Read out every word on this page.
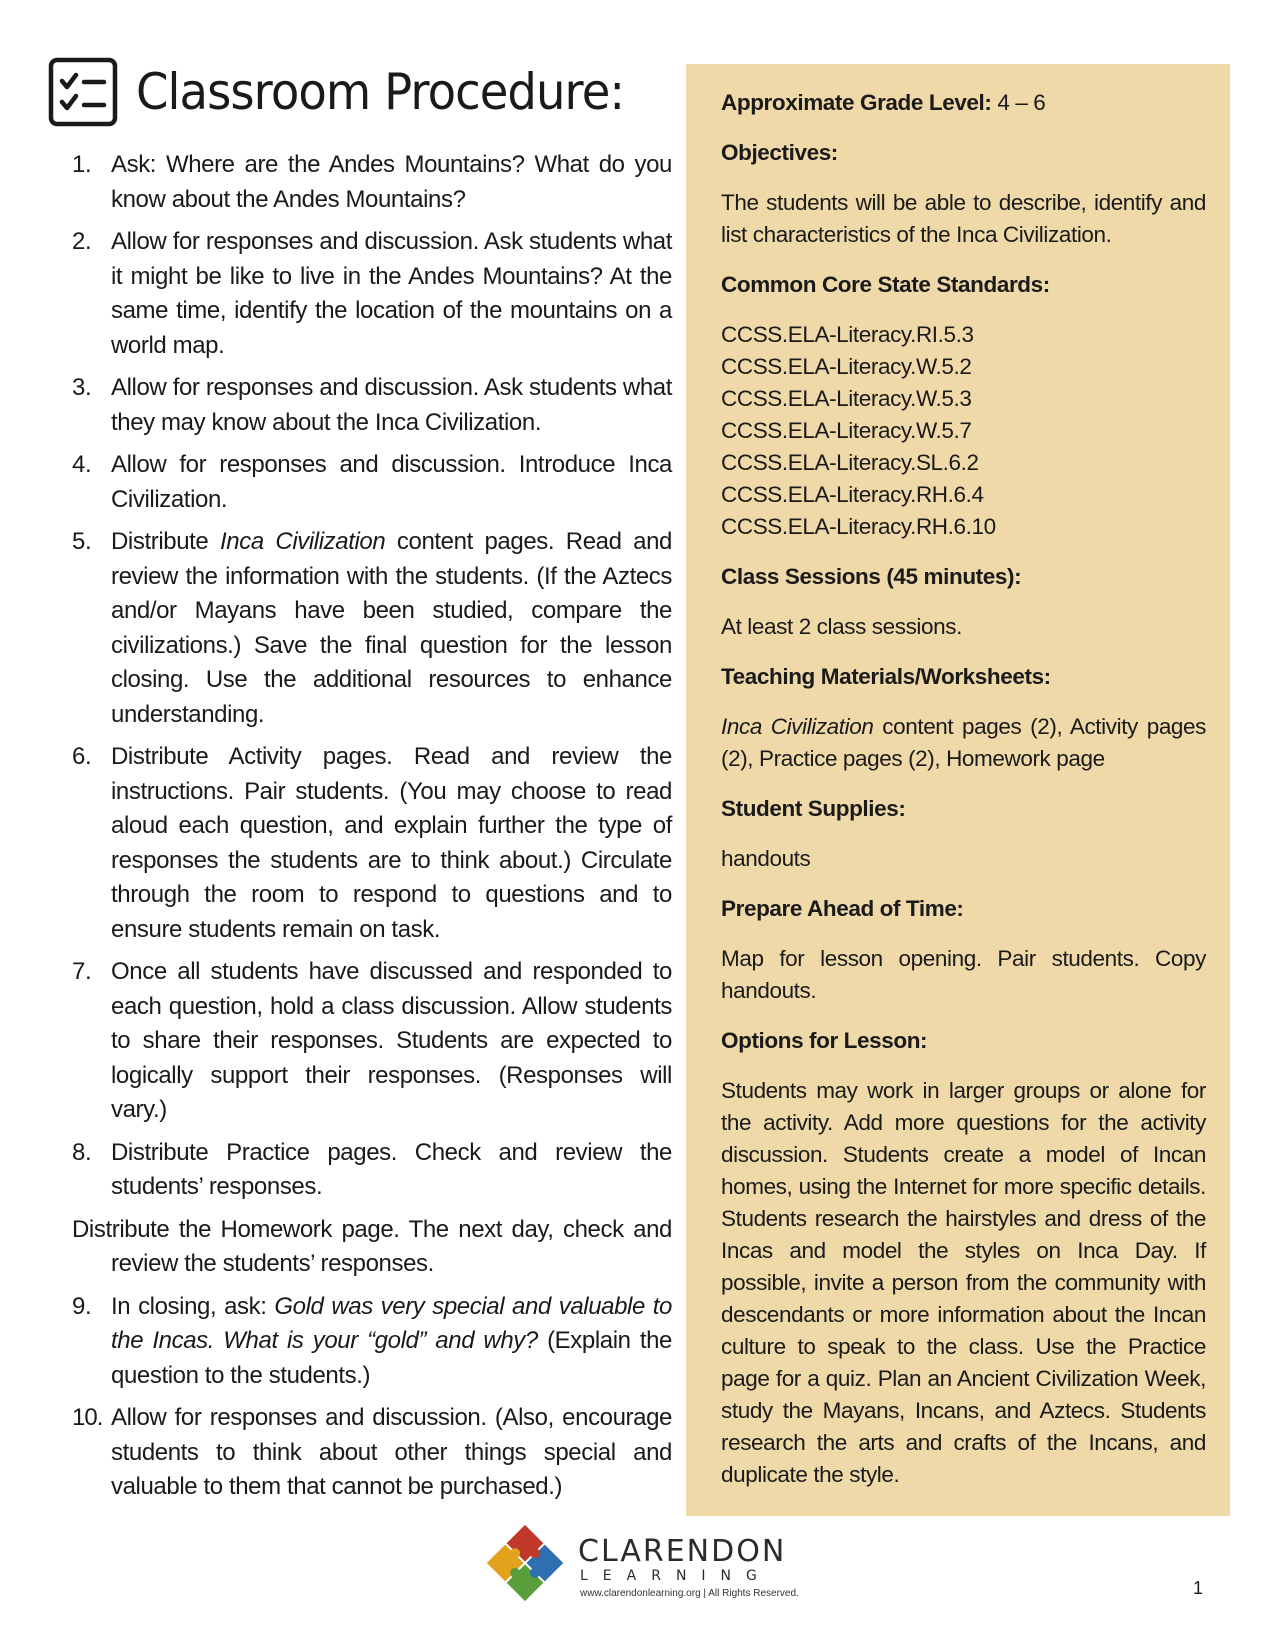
Classroom Procedure:

1. Ask: Where are the Andes Mountains? What do you know about the Andes Mountains?

2. Allow for responses and discussion. Ask students what it might be like to live in the Andes Mountains? At the same time, identify the location of the mountains on a world map.

3. Allow for responses and discussion. Ask students what they may know about the Inca Civilization.

4. Allow for responses and discussion. Introduce Inca Civilization.

5. Distribute Inca Civilization content pages. Read and review the information with the students. (If the Aztecs and/or Mayans have been studied, compare the civilizations.) Save the final question for the lesson closing. Use the additional resources to enhance understanding.

6. Distribute Activity pages. Read and review the instructions. Pair students. (You may choose to read aloud each question, and explain further the type of responses the students are to think about.) Circulate through the room to respond to questions and to ensure students remain on task.

7. Once all students have discussed and responded to each question, hold a class discussion. Allow students to share their responses. Students are expected to logically support their responses. (Responses will vary.)

8. Distribute Practice pages. Check and review the students’ responses.

Distribute the Homework page. The next day, check and review the students’ responses.

9. In closing, ask: Gold was very special and valuable to the Incas. What is your “gold” and why? (Explain the question to the students.)

10. Allow for responses and discussion. (Also, encourage students to think about other things special and valuable to them that cannot be purchased.)

Approximate Grade Level: 4 – 6

Objectives:

The students will be able to describe, identify and list characteristics of the Inca Civilization.

Common Core State Standards:

CCSS.ELA-Literacy.RI.5.3
CCSS.ELA-Literacy.W.5.2
CCSS.ELA-Literacy.W.5.3
CCSS.ELA-Literacy.W.5.7
CCSS.ELA-Literacy.SL.6.2
CCSS.ELA-Literacy.RH.6.4
CCSS.ELA-Literacy.RH.6.10

Class Sessions (45 minutes):

At least 2 class sessions.

Teaching Materials/Worksheets:

Inca Civilization content pages (2), Activity pages (2), Practice pages (2), Homework page

Student Supplies:

handouts

Prepare Ahead of Time:

Map for lesson opening. Pair students. Copy handouts.

Options for Lesson:

Students may work in larger groups or alone for the activity. Add more questions for the activity discussion. Students create a model of Incan homes, using the Internet for more specific details. Students research the hairstyles and dress of the Incas and model the styles on Inca Day. If possible, invite a person from the community with descendants or more information about the Incan culture to speak to the class. Use the Practice page for a quiz. Plan an Ancient Civilization Week, study the Mayans, Incans, and Aztecs. Students research the arts and crafts of the Incans, and duplicate the style.

CLARENDON
LEARNING
www.clarendonlearning.org | All Rights Reserved.	1
